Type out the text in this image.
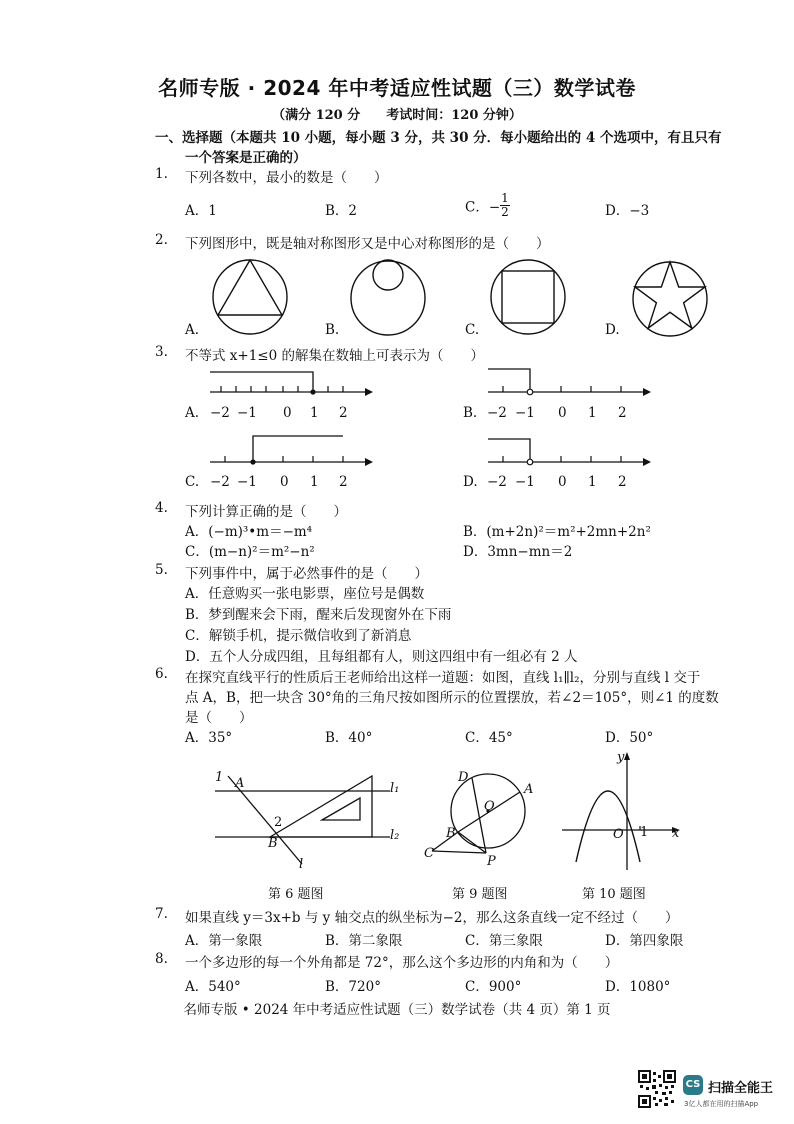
名师专版 · 2024 年中考适应性试题（三）数学试卷
（满分 120 分　　考试时间：120 分钟）
一、选择题（本题共 10 小题，每小题 3 分，共 30 分．每小题给出的 4 个选项中，有且只有
一个答案是正确的）
1. 下列各数中，最小的数是（　　）
A．1	B．2	C．− $\frac{1}{2}$	D．−3
2. 下列图形中，既是轴对称图形又是中心对称图形的是（　　）
A.	B.	C.	D.
3. 不等式 x+1≤0 的解集在数轴上可表示为（　　）
A. −2 −1 0 1 2	B. −2 −1 0 1 2
C. −2 −1 0 1 2	D. −2 −1 0 1 2
4. 下列计算正确的是（　　）
A．(−m)³•m＝−m⁴	B．(m+2n)²＝m²+2mn+2n²
C．(m−n)²＝m²−n²	D．3mn−mn＝2
5. 下列事件中，属于必然事件的是（　　）
A．任意购买一张电影票，座位号是偶数
B．梦到醒来会下雨，醒来后发现窗外在下雨
C．解锁手机，提示微信收到了新消息
D．五个人分成四组，且每组都有人，则这四组中有一组必有 2 人
6. 在探究直线平行的性质后王老师给出这样一道题：如图，直线 l₁∥l₂，分别与直线 l 交于
点 A，B，把一块含 30°角的三角尺按如图所示的位置摆放，若∠2＝105°，则∠1 的度数
是（　　）
A．35°	B．40°	C．45°	D．50°
1 A
2
B
l₁
l₂
l
D
O
A
B
C
P
y
O 1 x
第 6 题图	第 9 题图	第 10 题图
7. 如果直线 y＝3x+b 与 y 轴交点的纵坐标为−2，那么这条直线一定不经过（　　）
A．第一象限	B．第二象限	C．第三象限	D．第四象限
8. 一个多边形的每一个外角都是 72°，那么这个多边形的内角和为（　　）
A．540°	B．720°	C．900°	D．1080°
名师专版 • 2024 年中考适应性试题（三）数学试卷（共 4 页）第 1 页
CS 扫描全能王
3亿人都在用的扫描App
